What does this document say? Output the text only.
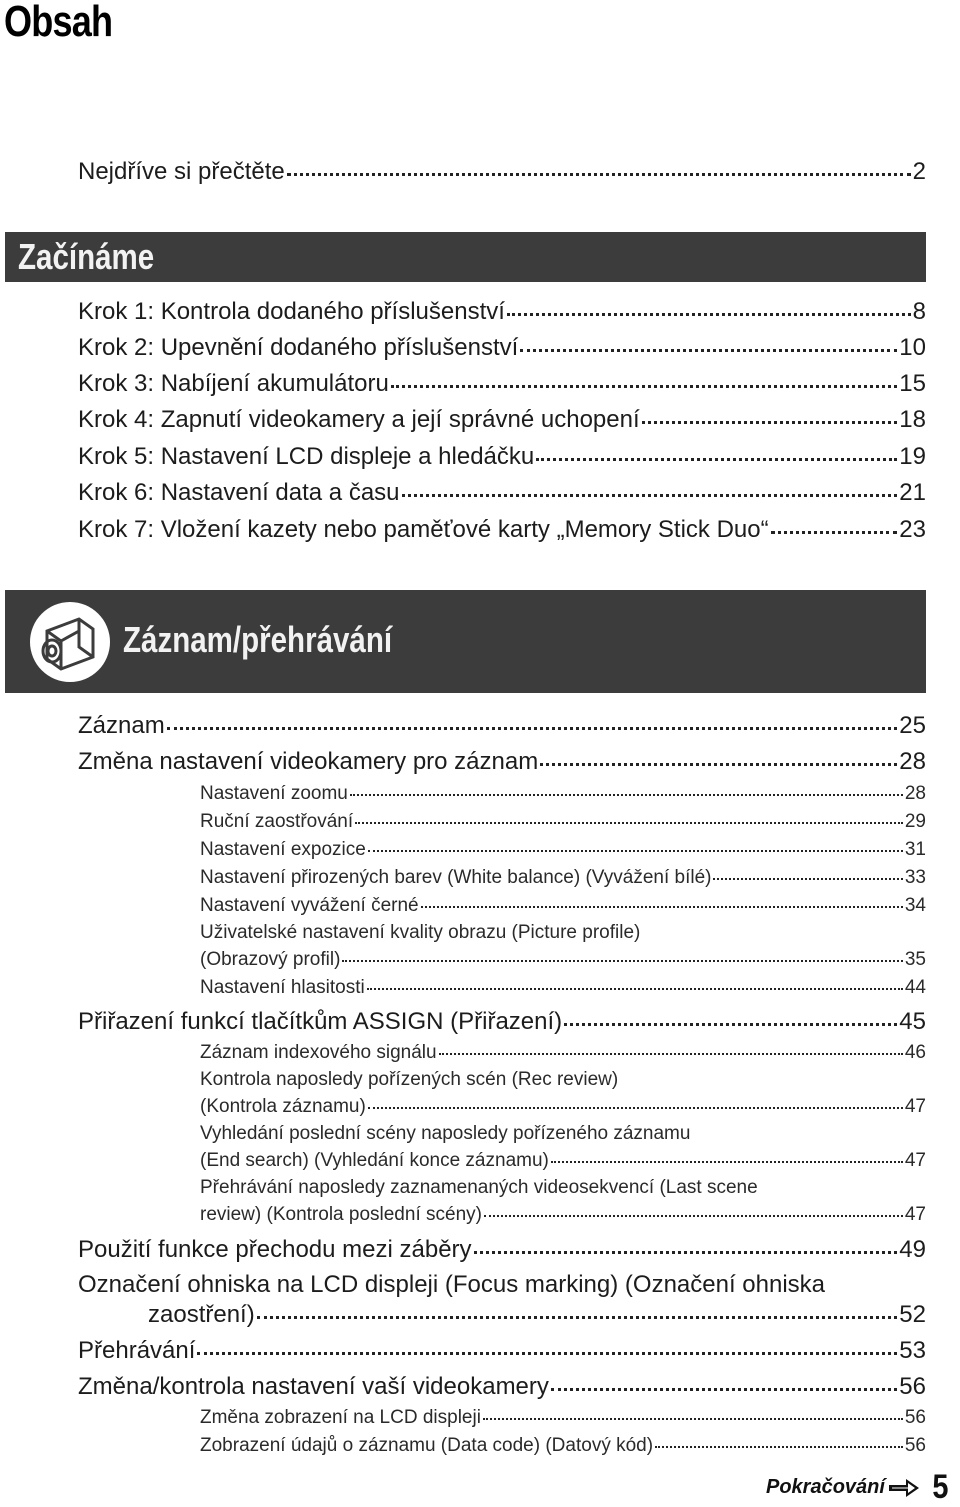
Obsah
Nejdříve si přečtěte	2
Začínáme
Krok 1: Kontrola dodaného příslušenství	8
Krok 2: Upevnění dodaného příslušenství	10
Krok 3: Nabíjení akumulátoru	15
Krok 4: Zapnutí videokamery a její správné uchopení	18
Krok 5: Nastavení LCD displeje a hledáčku	19
Krok 6: Nastavení data a času	21
Krok 7: Vložení kazety nebo paměťové karty „Memory Stick Duo“	23
Záznam/přehrávání
Záznam	25
Změna nastavení videokamery pro záznam	28
Nastavení zoomu	28
Ruční zaostřování	29
Nastavení expozice	31
Nastavení přirozených barev (White balance) (Vyvážení bílé)	33
Nastavení vyvážení černé	34
Uživatelské nastavení kvality obrazu (Picture profile)
(Obrazový profil)	35
Nastavení hlasitosti	44
Přiřazení funkcí tlačítkům ASSIGN (Přiřazení)	45
Záznam indexového signálu	46
Kontrola naposledy pořízených scén (Rec review)
(Kontrola záznamu)	47
Vyhledání poslední scény naposledy pořízeného záznamu
(End search) (Vyhledání konce záznamu)	47
Přehrávání naposledy zaznamenaných videosekvencí (Last scene
review) (Kontrola poslední scény)	47
Použití funkce přechodu mezi záběry	49
Označení ohniska na LCD displeji (Focus marking) (Označení ohniska
zaostření)	52
Přehrávání	53
Změna/kontrola nastavení vaší videokamery	56
Změna zobrazení na LCD displeji	56
Zobrazení údajů o záznamu (Data code) (Datový kód)	56
Pokračování 5
